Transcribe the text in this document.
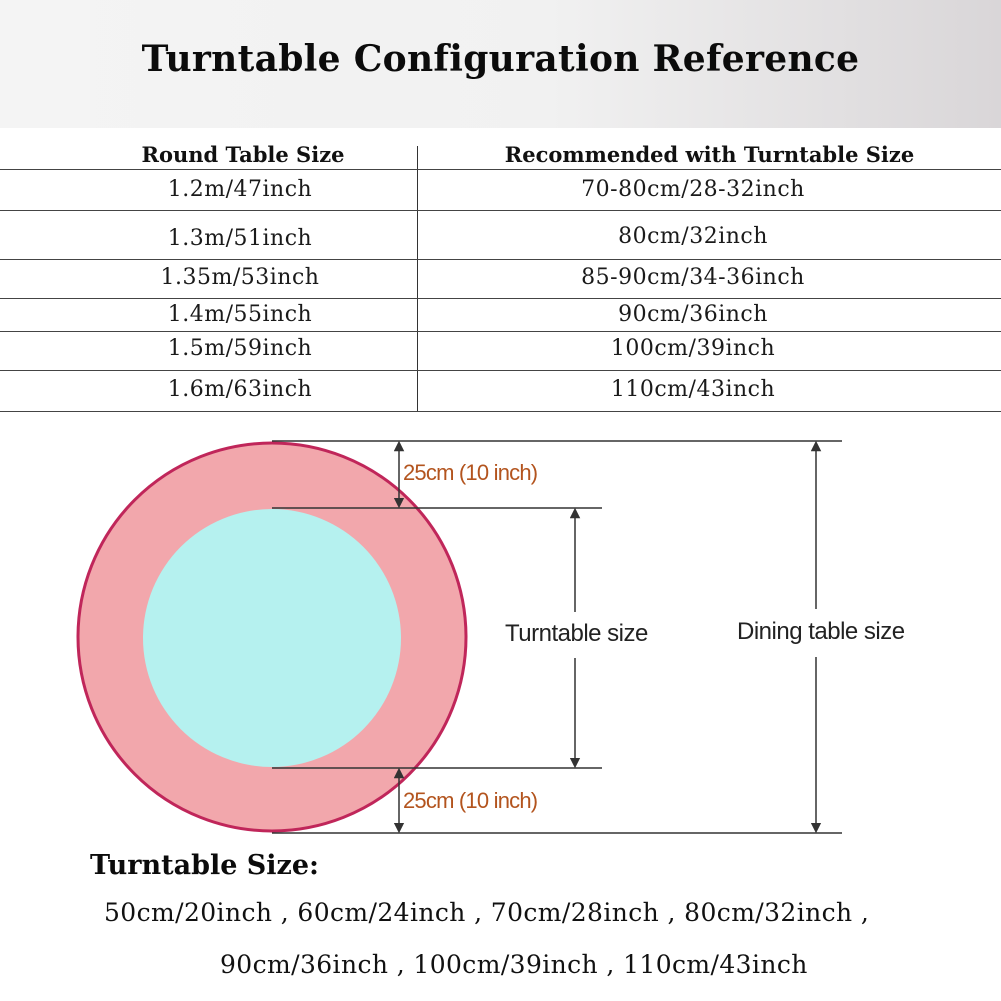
Turntable Configuration Reference
Round Table Size	Recommended with Turntable Size
1.2m/47inch	70-80cm/28-32inch
1.3m/51inch	80cm/32inch
1.35m/53inch	85-90cm/34-36inch
1.4m/55inch	90cm/36inch
1.5m/59inch	100cm/39inch
1.6m/63inch	110cm/43inch
25cm (10 inch)
25cm (10 inch)
Turntable size	Dining table size
Turntable Size:
50cm/20inch , 60cm/24inch , 70cm/28inch , 80cm/32inch ,
90cm/36inch , 100cm/39inch , 110cm/43inch
